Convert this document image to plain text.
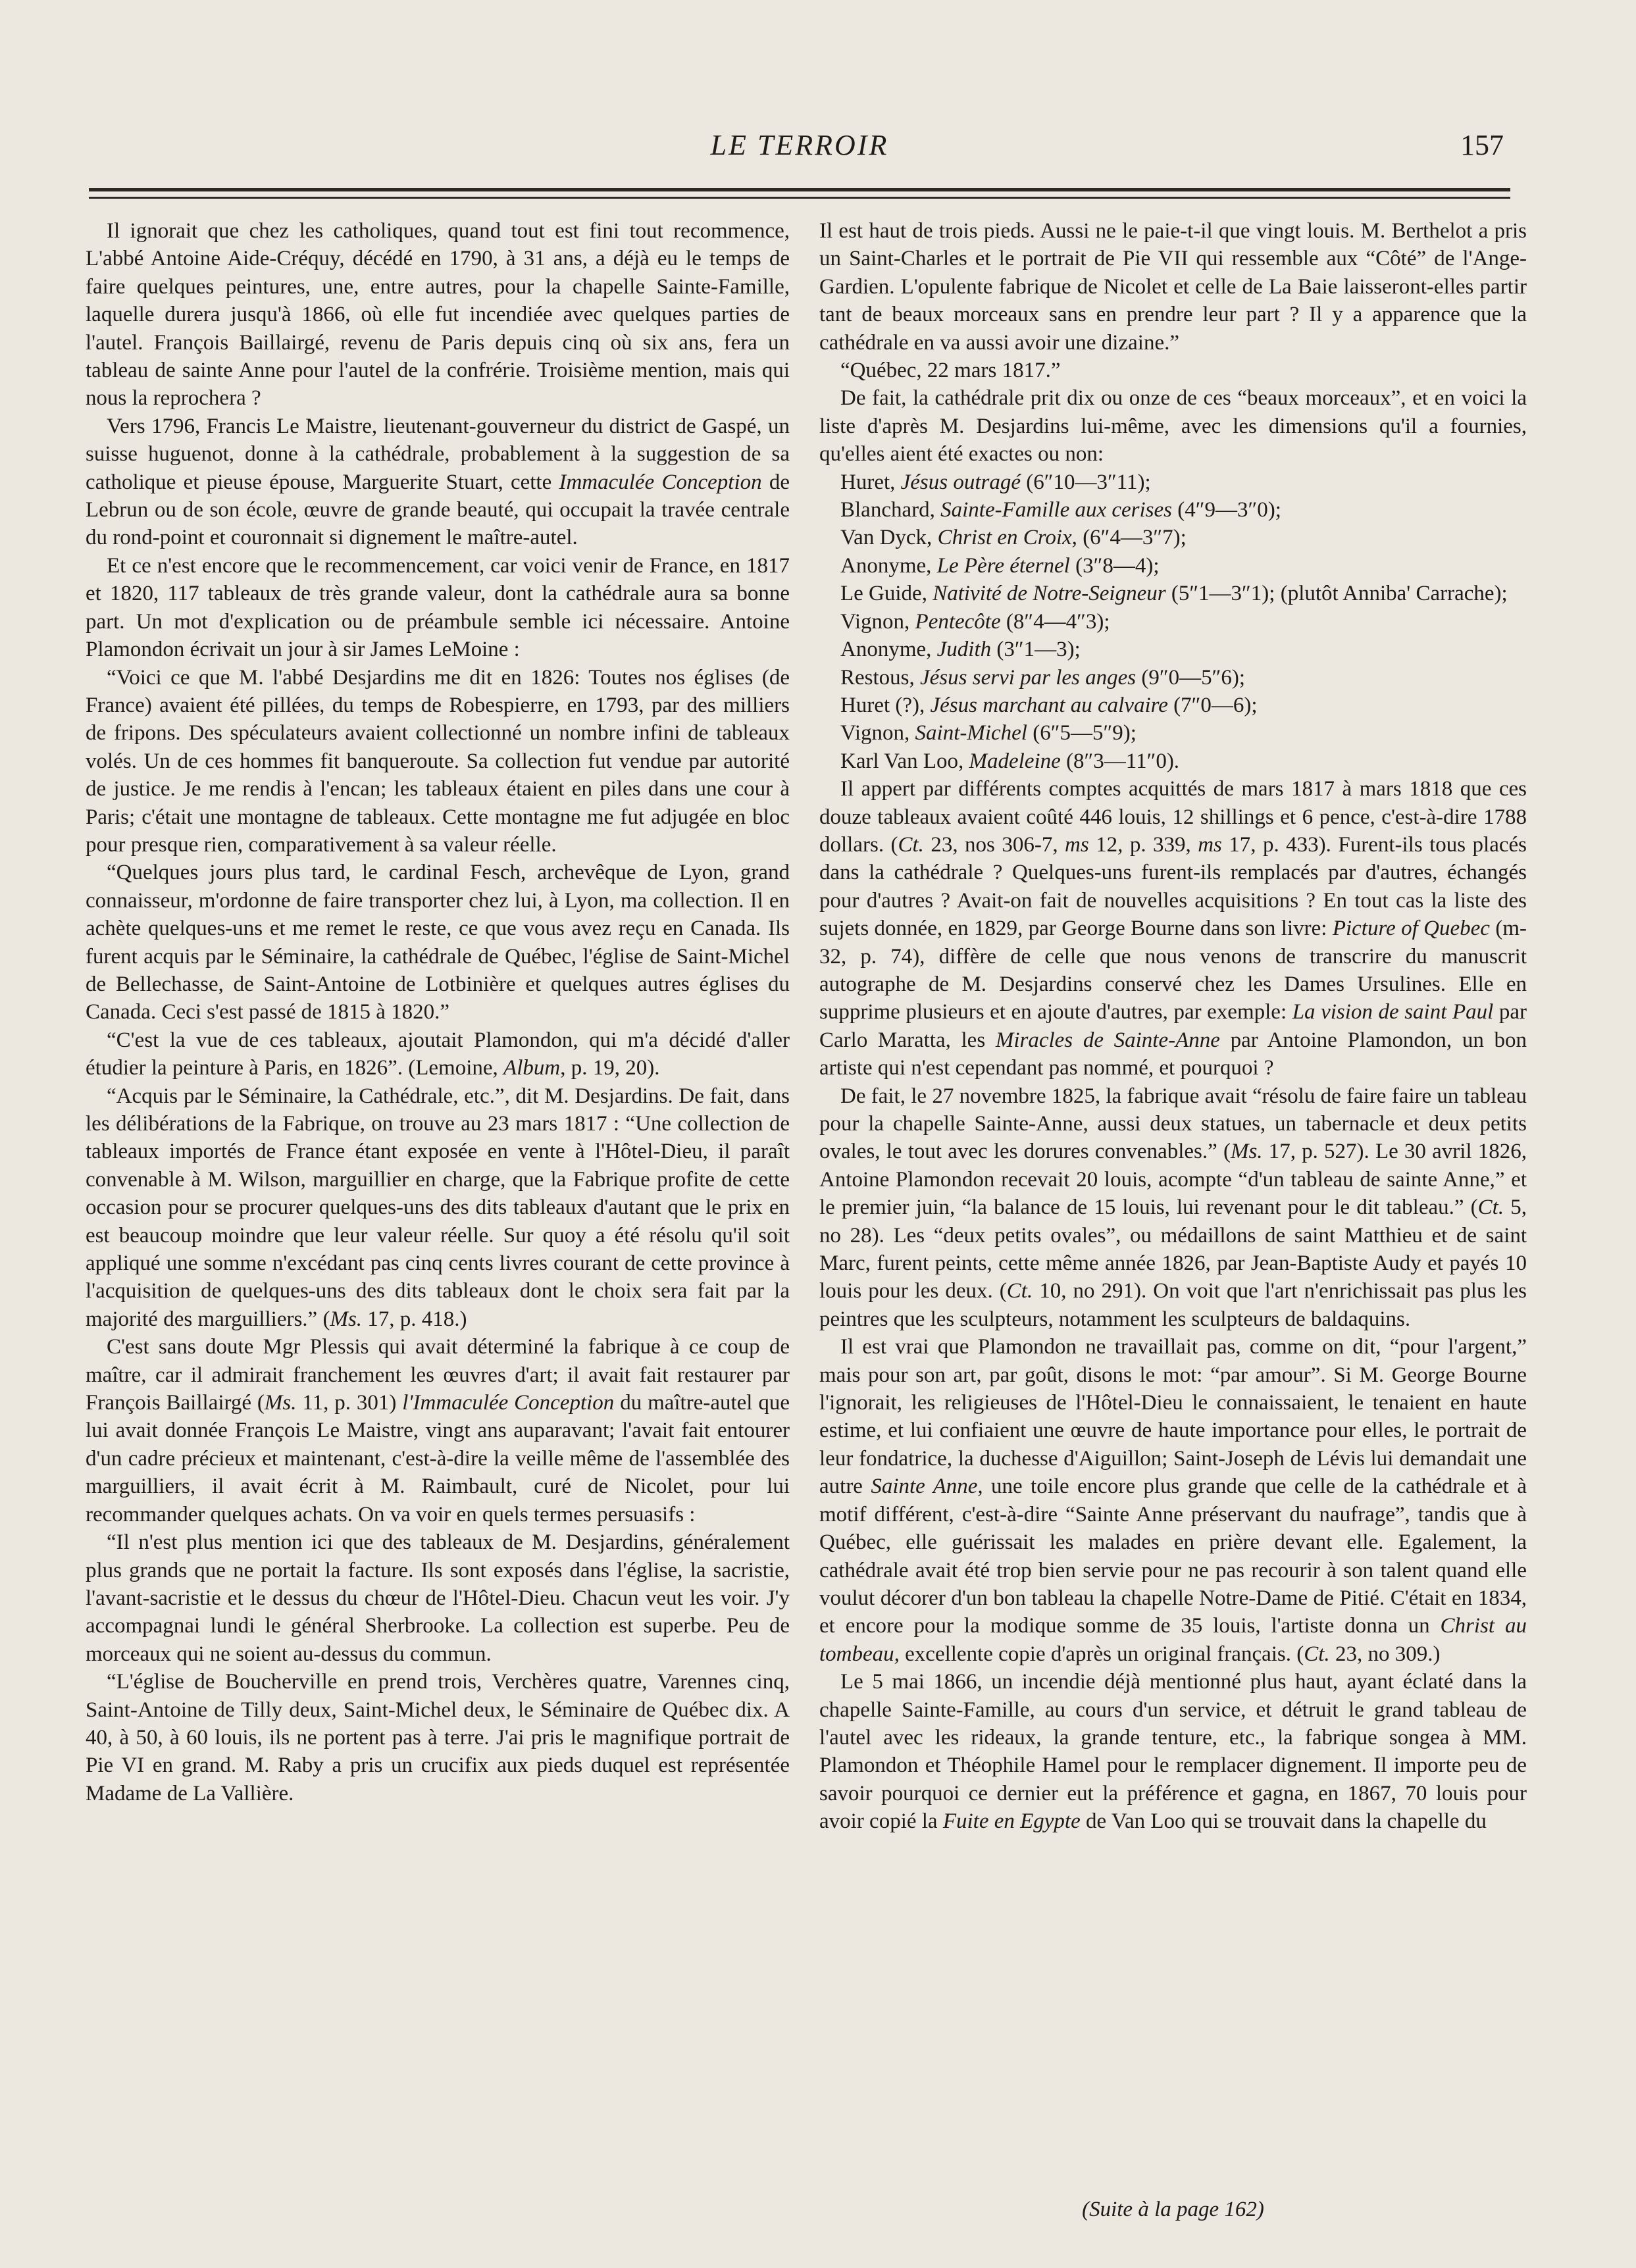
LE TERROIR	157

Il ignorait que chez les catholiques, quand tout est fini tout recommence, L'abbé Antoine Aide-Créquy, décédé en 1790, à 31 ans, a déjà eu le temps de faire quelques peintures, une, entre autres, pour la chapelle Sainte-Famille, laquelle durera jusqu'à 1866, où elle fut incendiée avec quelques parties de l'autel. François Baillairgé, revenu de Paris depuis cinq où six ans, fera un tableau de sainte Anne pour l'autel de la confrérie. Troisième mention, mais qui nous la reprochera ?

Vers 1796, Francis Le Maistre, lieutenant-gouverneur du district de Gaspé, un suisse huguenot, donne à la cathédrale, probablement à la suggestion de sa catholique et pieuse épouse, Marguerite Stuart, cette Immaculée Conception de Lebrun ou de son école, œuvre de grande beauté, qui occupait la travée centrale du rond-point et couronnait si dignement le maître-autel.

Et ce n'est encore que le recommencement, car voici venir de France, en 1817 et 1820, 117 tableaux de très grande valeur, dont la cathédrale aura sa bonne part. Un mot d'explication ou de préambule semble ici nécessaire. Antoine Plamondon écrivait un jour à sir James LeMoine :

“Voici ce que M. l'abbé Desjardins me dit en 1826: Toutes nos églises (de France) avaient été pillées, du temps de Robespierre, en 1793, par des milliers de fripons. Des spéculateurs avaient collectionné un nombre infini de tableaux volés. Un de ces hommes fit banqueroute. Sa collection fut vendue par autorité de justice. Je me rendis à l'encan; les tableaux étaient en piles dans une cour à Paris; c'était une montagne de tableaux. Cette montagne me fut adjugée en bloc pour presque rien, comparativement à sa valeur réelle.

“Quelques jours plus tard, le cardinal Fesch, archevêque de Lyon, grand connaisseur, m'ordonne de faire transporter chez lui, à Lyon, ma collection. Il en achète quelques-uns et me remet le reste, ce que vous avez reçu en Canada. Ils furent acquis par le Séminaire, la cathédrale de Québec, l'église de Saint-Michel de Bellechasse, de Saint-Antoine de Lotbinière et quelques autres églises du Canada. Ceci s'est passé de 1815 à 1820.”

“C'est la vue de ces tableaux, ajoutait Plamondon, qui m'a décidé d'aller étudier la peinture à Paris, en 1826”. (Lemoine, Album, p. 19, 20).

“Acquis par le Séminaire, la Cathédrale, etc.”, dit M. Desjardins. De fait, dans les délibérations de la Fabrique, on trouve au 23 mars 1817 : “Une collection de tableaux importés de France étant exposée en vente à l'Hôtel-Dieu, il paraît convenable à M. Wilson, marguillier en charge, que la Fabrique profite de cette occasion pour se procurer quelques-uns des dits tableaux d'autant que le prix en est beaucoup moindre que leur valeur réelle. Sur quoy a été résolu qu'il soit appliqué une somme n'excédant pas cinq cents livres courant de cette province à l'acquisition de quelques-uns des dits tableaux dont le choix sera fait par la majorité des marguilliers.” (Ms. 17, p. 418.)

C'est sans doute Mgr Plessis qui avait déterminé la fabrique à ce coup de maître, car il admirait franchement les œuvres d'art; il avait fait restaurer par François Baillairgé (Ms. 11, p. 301) l'Immaculée Conception du maître-autel que lui avait donnée François Le Maistre, vingt ans auparavant; l'avait fait entourer d'un cadre précieux et maintenant, c'est-à-dire la veille même de l'assemblée des marguilliers, il avait écrit à M. Raimbault, curé de Nicolet, pour lui recommander quelques achats. On va voir en quels termes persuasifs :

“Il n'est plus mention ici que des tableaux de M. Desjardins, généralement plus grands que ne portait la facture. Ils sont exposés dans l'église, la sacristie, l'avant-sacristie et le dessus du chœur de l'Hôtel-Dieu. Chacun veut les voir. J'y accompagnai lundi le général Sherbrooke. La collection est superbe. Peu de morceaux qui ne soient au-dessus du commun.

“L'église de Boucherville en prend trois, Verchères quatre, Varennes cinq, Saint-Antoine de Tilly deux, Saint-Michel deux, le Séminaire de Québec dix. A 40, à 50, à 60 louis, ils ne portent pas à terre. J'ai pris le magnifique portrait de Pie VI en grand. M. Raby a pris un crucifix aux pieds duquel est représentée Madame de La Vallière.

Il est haut de trois pieds. Aussi ne le paie-t-il que vingt louis. M. Berthelot a pris un Saint-Charles et le portrait de Pie VII qui ressemble aux “Côté” de l'Ange-Gardien. L'opulente fabrique de Nicolet et celle de La Baie laisseront-elles partir tant de beaux morceaux sans en prendre leur part ? Il y a apparence que la cathédrale en va aussi avoir une dizaine.”

“Québec, 22 mars 1817.”

De fait, la cathédrale prit dix ou onze de ces “beaux morceaux”, et en voici la liste d'après M. Desjardins lui-même, avec les dimensions qu'il a fournies, qu'elles aient été exactes ou non:

Huret, Jésus outragé (6″10—3″11);

Blanchard, Sainte-Famille aux cerises (4″9—3″0);

Van Dyck, Christ en Croix, (6″4—3″7);

Anonyme, Le Père éternel (3″8—4);

Le Guide, Nativité de Notre-Seigneur (5″1—3″1); (plutôt Anniba' Carrache);

Vignon, Pentecôte (8″4—4″3);

Anonyme, Judith (3″1—3);

Restous, Jésus servi par les anges (9″0—5″6);

Huret (?), Jésus marchant au calvaire (7″0—6);

Vignon, Saint-Michel (6″5—5″9);

Karl Van Loo, Madeleine (8″3—11″0).

Il appert par différents comptes acquittés de mars 1817 à mars 1818 que ces douze tableaux avaient coûté 446 louis, 12 shillings et 6 pence, c'est-à-dire 1788 dollars. (Ct. 23, nos 306-7, ms 12, p. 339, ms 17, p. 433). Furent-ils tous placés dans la cathédrale ? Quelques-uns furent-ils remplacés par d'autres, échangés pour d'autres ? Avait-on fait de nouvelles acquisitions ? En tout cas la liste des sujets donnée, en 1829, par George Bourne dans son livre: Picture of Quebec (m-32, p. 74), diffère de celle que nous venons de transcrire du manuscrit autographe de M. Desjardins conservé chez les Dames Ursulines. Elle en supprime plusieurs et en ajoute d'autres, par exemple: La vision de saint Paul par Carlo Maratta, les Miracles de Sainte-Anne par Antoine Plamondon, un bon artiste qui n'est cependant pas nommé, et pourquoi ?

De fait, le 27 novembre 1825, la fabrique avait “résolu de faire faire un tableau pour la chapelle Sainte-Anne, aussi deux statues, un tabernacle et deux petits ovales, le tout avec les dorures convenables.” (Ms. 17, p. 527). Le 30 avril 1826, Antoine Plamondon recevait 20 louis, acompte “d'un tableau de sainte Anne,” et le premier juin, “la balance de 15 louis, lui revenant pour le dit tableau.” (Ct. 5, no 28). Les “deux petits ovales”, ou médaillons de saint Matthieu et de saint Marc, furent peints, cette même année 1826, par Jean-Baptiste Audy et payés 10 louis pour les deux. (Ct. 10, no 291). On voit que l'art n'enrichissait pas plus les peintres que les sculpteurs, notamment les sculpteurs de baldaquins.

Il est vrai que Plamondon ne travaillait pas, comme on dit, “pour l'argent,” mais pour son art, par goût, disons le mot: “par amour”. Si M. George Bourne l'ignorait, les religieuses de l'Hôtel-Dieu le connaissaient, le tenaient en haute estime, et lui confiaient une œuvre de haute importance pour elles, le portrait de leur fondatrice, la duchesse d'Aiguillon; Saint-Joseph de Lévis lui demandait une autre Sainte Anne, une toile encore plus grande que celle de la cathédrale et à motif différent, c'est-à-dire “Sainte Anne préservant du naufrage”, tandis que à Québec, elle guérissait les malades en prière devant elle. Egalement, la cathédrale avait été trop bien servie pour ne pas recourir à son talent quand elle voulut décorer d'un bon tableau la chapelle Notre-Dame de Pitié. C'était en 1834, et encore pour la modique somme de 35 louis, l'artiste donna un Christ au tombeau, excellente copie d'après un original français. (Ct. 23, no 309.)

Le 5 mai 1866, un incendie déjà mentionné plus haut, ayant éclaté dans la chapelle Sainte-Famille, au cours d'un service, et détruit le grand tableau de l'autel avec les rideaux, la grande tenture, etc., la fabrique songea à MM. Plamondon et Théophile Hamel pour le remplacer dignement. Il importe peu de savoir pourquoi ce dernier eut la préférence et gagna, en 1867, 70 louis pour avoir copié la Fuite en Egypte de Van Loo qui se trouvait dans la chapelle du

(Suite à la page 162)
